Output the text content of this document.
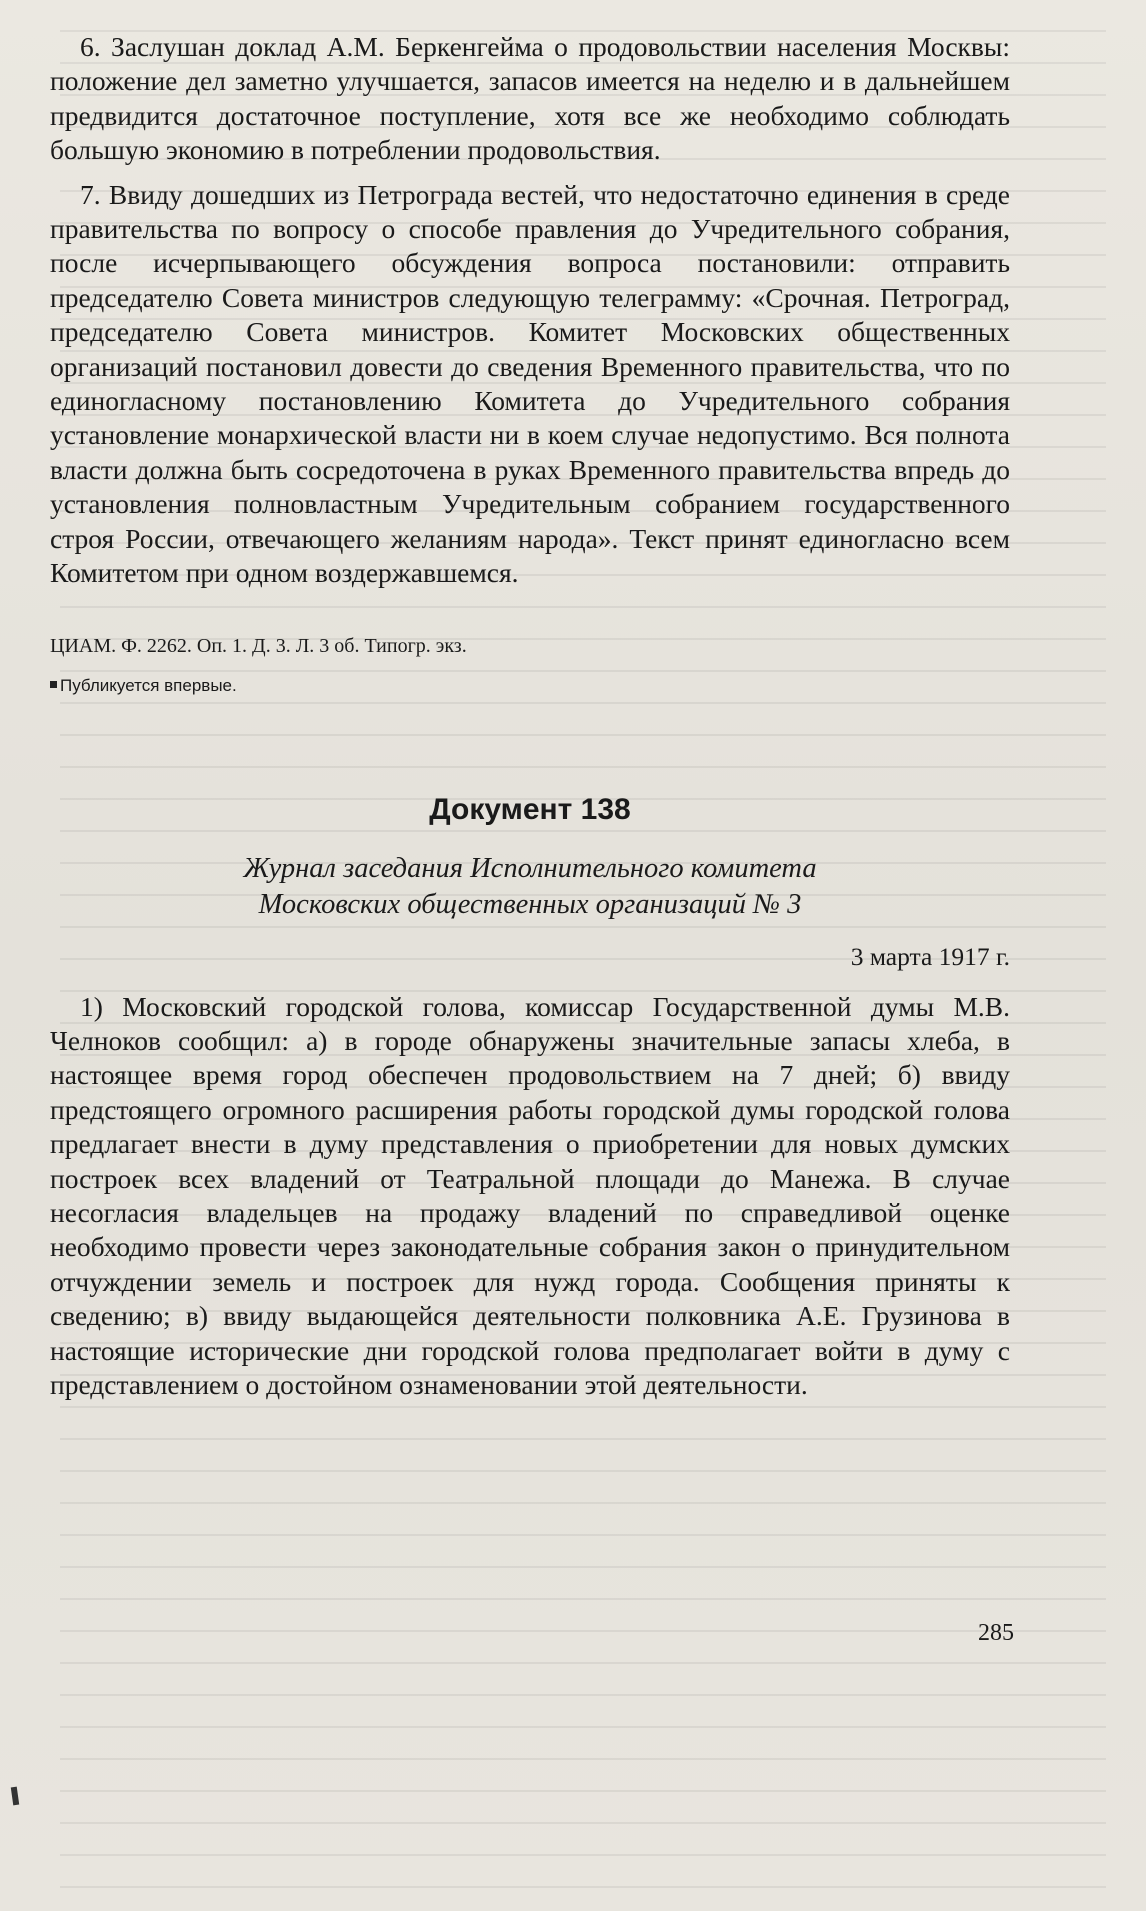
6. Заслушан доклад А.М. Беркенгейма о продовольствии населения Москвы: положение дел заметно улучшается, запасов имеется на неделю и в дальнейшем предвидится достаточное поступление, хотя все же необходимо соблюдать большую экономию в потреблении продовольствия.

7. Ввиду дошедших из Петрограда вестей, что недостаточно единения в среде правительства по вопросу о способе правления до Учредительного собрания, после исчерпывающего обсуждения вопроса постановили: отправить председателю Совета министров следующую телеграмму: «Срочная. Петроград, председателю Совета министров. Комитет Московских общественных организаций постановил довести до сведения Временного правительства, что по единогласному постановлению Комитета до Учредительного собрания установление монархической власти ни в коем случае недопустимо. Вся полнота власти должна быть сосредоточена в руках Временного правительства впредь до установления полновластным Учредительным собранием государственного строя России, отвечающего желаниям народа». Текст принят единогласно всем Комитетом при одном воздержавшемся.

ЦИАМ. Ф. 2262. Оп. 1. Д. 3. Л. 3 об. Типогр. экз.
Публикуется впервые.
Документ 138
Журнал заседания Исполнительного комитета
Московских общественных организаций № 3
3 марта 1917 г.

1) Московский городской голова, комиссар Государственной думы М.В. Челноков сообщил: а) в городе обнаружены значительные запасы хлеба, в настоящее время город обеспечен продовольствием на 7 дней; б) ввиду предстоящего огромного расширения работы городской думы городской голова предлагает внести в думу представления о приобретении для новых думских построек всех владений от Театральной площади до Манежа. В случае несогласия владельцев на продажу владений по справедливой оценке необходимо провести через законодательные собрания закон о принудительном отчуждении земель и построек для нужд города. Сообщения приняты к сведению; в) ввиду выдающейся деятельности полковника А.Е. Грузинова в настоящие исторические дни городской голова предполагает войти в думу с представлением о достойном ознаменовании этой деятельности.

285
